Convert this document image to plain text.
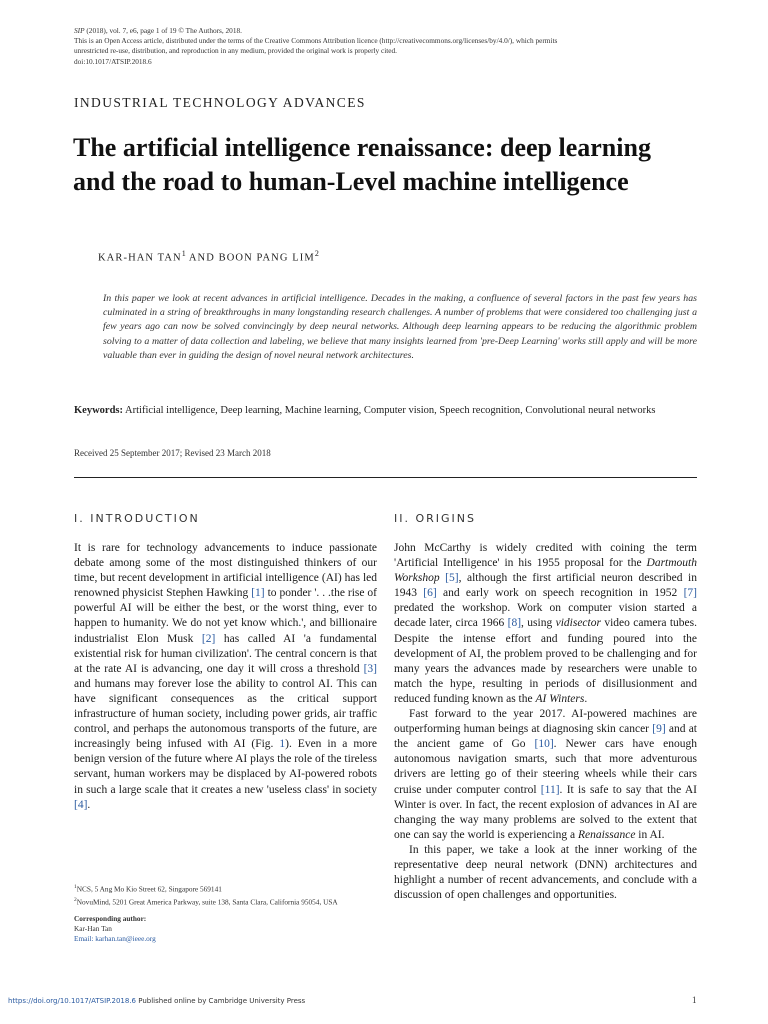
SIP (2018), vol. 7, e6, page 1 of 19 © The Authors, 2018.
This is an Open Access article, distributed under the terms of the Creative Commons Attribution licence (http://creativecommons.org/licenses/by/4.0/), which permits
unrestricted re-use, distribution, and reproduction in any medium, provided the original work is properly cited.
doi:10.1017/ATSIP.2018.6
INDUSTRIAL TECHNOLOGY ADVANCES
The artificial intelligence renaissance: deep learning and the road to human-Level machine intelligence
KAR-HAN TAN$^1$ AND BOON PANG LIM$^2$

In this paper we look at recent advances in artificial intelligence. Decades in the making, a confluence of several factors in the past few years has culminated in a string of breakthroughs in many longstanding research challenges. A number of problems that were considered too challenging just a few years ago can now be solved convincingly by deep neural networks. Although deep learning appears to be reducing the algorithmic problem solving to a matter of data collection and labeling, we believe that many insights learned from 'pre-Deep Learning' works still apply and will be more valuable than ever in guiding the design of novel neural network architectures.

Keywords: Artificial intelligence, Deep learning, Machine learning, Computer vision, Speech recognition, Convolutional neural networks
Received 25 September 2017; Revised 23 March 2018
I. INTRODUCTION	II. ORIGINS

It is rare for technology advancements to induce passionate debate among some of the most distinguished thinkers of our time, but recent development in artificial intelligence (AI) has led renowned physicist Stephen Hawking [1] to ponder '. . .the rise of powerful AI will be either the best, or the worst thing, ever to happen to humanity. We do not yet know which.', and billionaire industrialist Elon Musk [2] has called AI 'a fundamental existential risk for human civilization'. The central concern is that at the rate AI is advancing, one day it will cross a threshold [3] and humans may forever lose the ability to control AI. This can have significant consequences as the critical support infrastructure of human society, including power grids, air traffic control, and perhaps the autonomous transports of the future, are increasingly being infused with AI (Fig. 1). Even in a more benign version of the future where AI plays the role of the tireless servant, human workers may be displaced by AI-powered robots in such a large scale that it creates a new 'useless class' in society [4].

John McCarthy is widely credited with coining the term 'Artificial Intelligence' in his 1955 proposal for the Dartmouth Workshop [5], although the first artificial neuron described in 1943 [6] and early work on speech recognition in 1952 [7] predated the workshop. Work on computer vision started a decade later, circa 1966 [8], using vidisector video camera tubes. Despite the intense effort and funding poured into the development of AI, the problem proved to be challenging and for many years the advances made by researchers were unable to match the hype, resulting in periods of disillusionment and reduced funding known as the AI Winters.

Fast forward to the year 2017. AI-powered machines are outperforming human beings at diagnosing skin cancer [9] and at the ancient game of Go [10]. Newer cars have enough autonomous navigation smarts, such that more adventurous drivers are letting go of their steering wheels while their cars cruise under computer control [11]. It is safe to say that the AI Winter is over. In fact, the recent explosion of advances in AI are changing the way many problems are solved to the extent that one can say the world is experiencing a Renaissance in AI.

In this paper, we take a look at the inner working of the representative deep neural network (DNN) architectures and highlight a number of recent advancements, and conclude with a discussion of open challenges and opportunities.

$^1$NCS, 5 Ang Mo Kio Street 62, Singapore 569141

$^2$NovuMind, 5201 Great America Parkway, suite 138, Santa Clara, California 95054, USA

Corresponding author:

Kar-Han Tan

Email: karhan.tan@ieee.org

https://doi.org/10.1017/ATSIP.2018.6 Published online by Cambridge University Press	1
